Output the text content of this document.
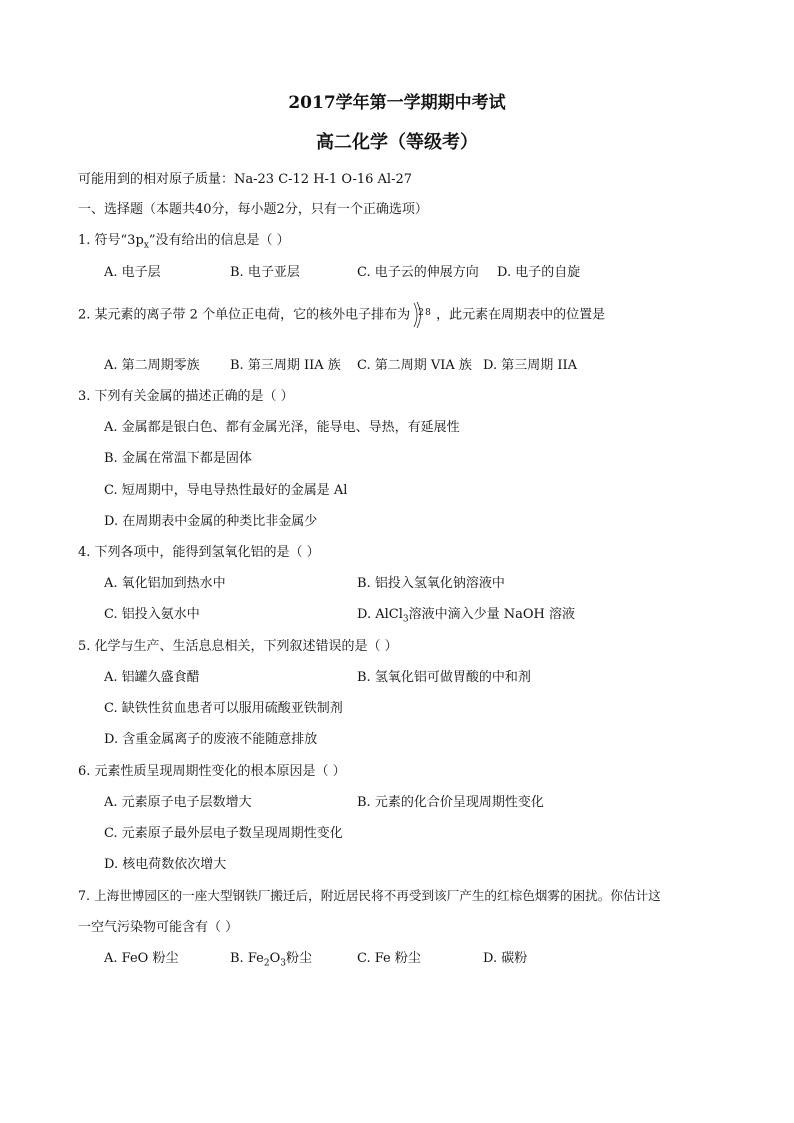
2017学年第一学期期中考试
高二化学（等级考）
可能用到的相对原子质量：Na-23 C-12 H-1 O-16 Al-27
一、选择题（本题共40分，每小题2分，只有一个正确选项）
1. 符号“$3p_x$”没有给出的信息是（ ）
A. 电子层	B. 电子亚层	C. 电子云的伸展方向 D. 电子的自旋
2. 某元素的离子带 2 个单位正电荷，它的核外电子排布为 2 8 ，此元素在周期表中的位置是
A. 第二周期零族 B. 第三周期 IIA 族 C. 第二周期 VIA 族 D. 第三周期 IIA
3. 下列有关金属的描述正确的是（ ）
A. 金属都是银白色、都有金属光泽，能导电、导热，有延展性
B. 金属在常温下都是固体
C. 短周期中，导电导热性最好的金属是 Al
D. 在周期表中金属的种类比非金属少
4. 下列各项中，能得到氢氧化铝的是（ ）
A. 氧化铝加到热水中	B. 铝投入氢氧化钠溶液中
C. 铝投入氨水中	D. AlCl$_3$溶液中滴入少量 NaOH 溶液
5. 化学与生产、生活息息相关，下列叙述错误的是（ ）
A. 铝罐久盛食醋	B. 氢氧化铝可做胃酸的中和剂
C. 缺铁性贫血患者可以服用硫酸亚铁制剂
D. 含重金属离子的废液不能随意排放
6. 元素性质呈现周期性变化的根本原因是（ ）
A. 元素原子电子层数增大	B. 元素的化合价呈现周期性变化
C. 元素原子最外层电子数呈现周期性变化
D. 核电荷数依次增大
7. 上海世博园区的一座大型钢铁厂搬迁后，附近居民将不再受到该厂产生的红棕色烟雾的困扰。你估计这
一空气污染物可能含有（ ）
A. FeO 粉尘	B. $Fe_2O_3$粉尘	C. Fe 粉尘	D. 碳粉
